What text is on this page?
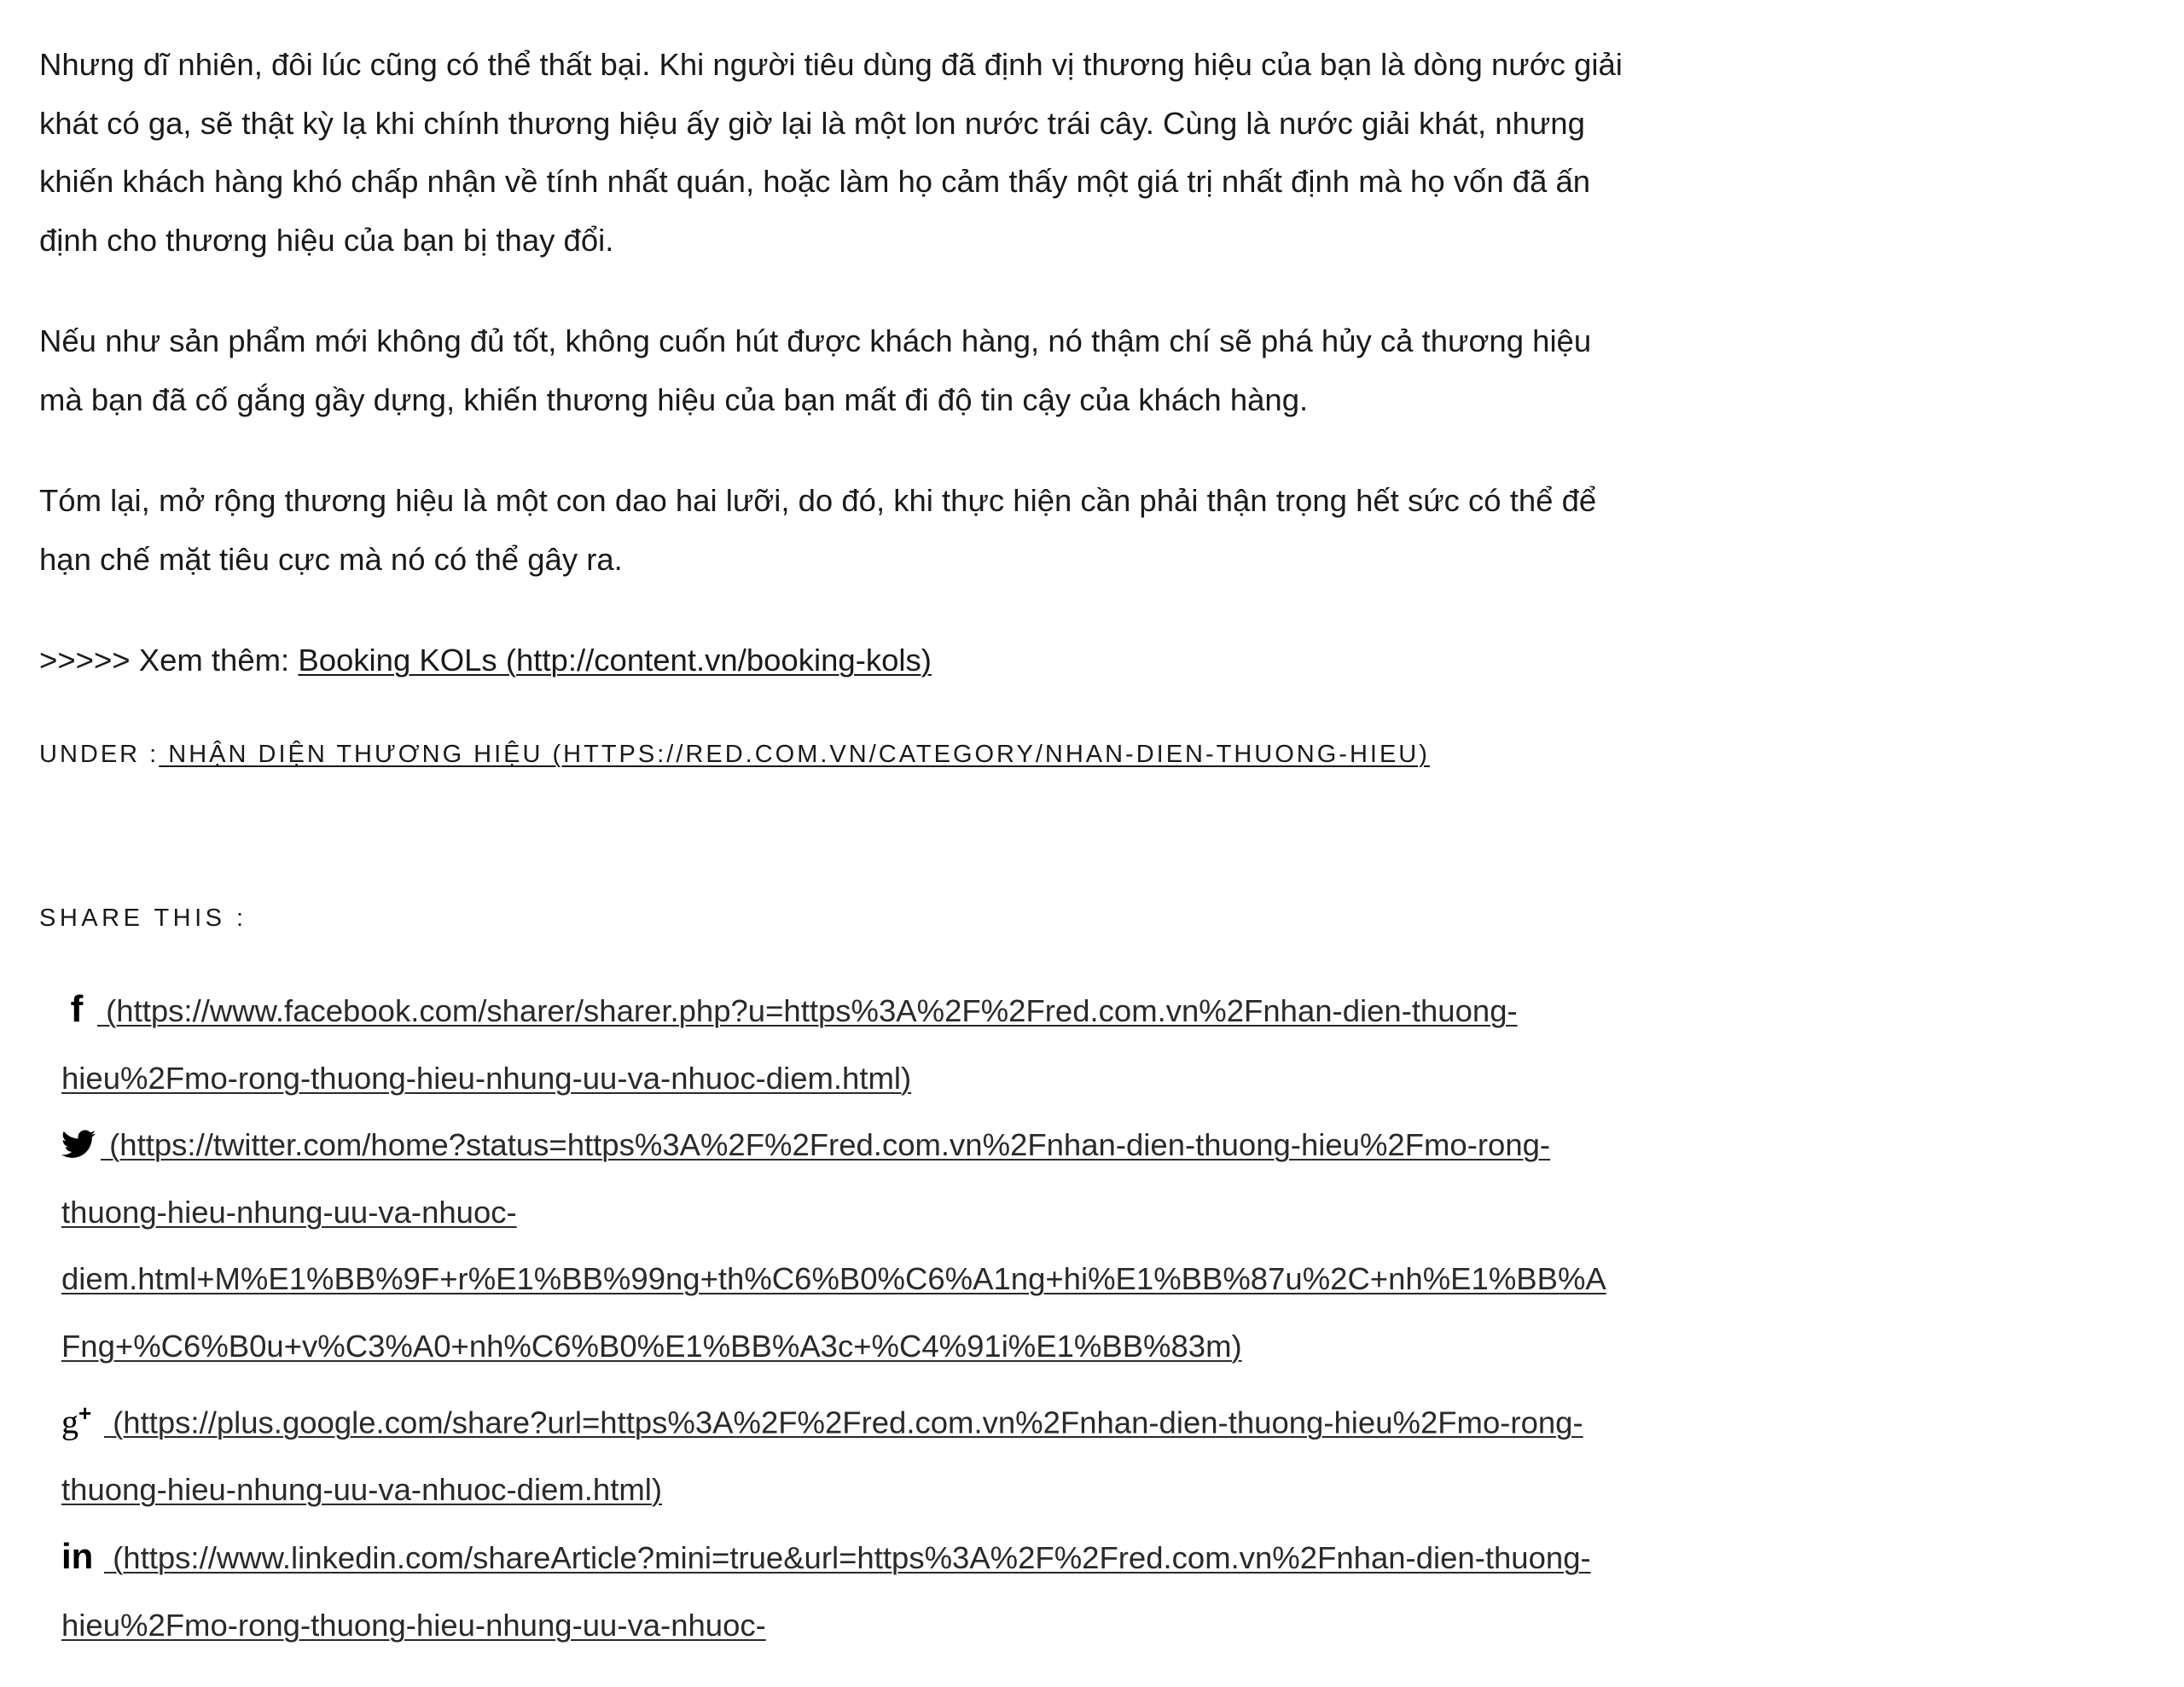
Nhưng dĩ nhiên, đôi lúc cũng có thể thất bại. Khi người tiêu dùng đã định vị thương hiệu của bạn là dòng nước giải
khát có ga, sẽ thật kỳ lạ khi chính thương hiệu ấy giờ lại là một lon nước trái cây. Cùng là nước giải khát, nhưng
khiến khách hàng khó chấp nhận về tính nhất quán, hoặc làm họ cảm thấy một giá trị nhất định mà họ vốn đã ấn
định cho thương hiệu của bạn bị thay đổi.

Nếu như sản phẩm mới không đủ tốt, không cuốn hút được khách hàng, nó thậm chí sẽ phá hủy cả thương hiệu
mà bạn đã cố gắng gầy dựng, khiến thương hiệu của bạn mất đi độ tin cậy của khách hàng.

Tóm lại, mở rộng thương hiệu là một con dao hai lưỡi, do đó, khi thực hiện cần phải thận trọng hết sức có thể để
hạn chế mặt tiêu cực mà nó có thể gây ra.

>>>>> Xem thêm: Booking KOLs (http://content.vn/booking-kols)

UNDER : NHẬN DIỆN THƯƠNG HIỆU (HTTPS://RED.COM.VN/CATEGORY/NHAN-DIEN-THUONG-HIEU)
SHARE THIS :
f (https://www.facebook.com/sharer/sharer.php?u=https%3A%2F%2Fred.com.vn%2Fnhan-dien-thuong-
hieu%2Fmo-rong-thuong-hieu-nhung-uu-va-nhuoc-diem.html)
(https://twitter.com/home?status=https%3A%2F%2Fred.com.vn%2Fnhan-dien-thuong-hieu%2Fmo-rong-
thuong-hieu-nhung-uu-va-nhuoc-
diem.html+M%E1%BB%9F+r%E1%BB%99ng+th%C6%B0%C6%A1ng+hi%E1%BB%87u%2C+nh%E1%BB%A
Fng+%C6%B0u+v%C3%A0+nh%C6%B0%E1%BB%A3c+%C4%91i%E1%BB%83m)
g+ (https://plus.google.com/share?url=https%3A%2F%2Fred.com.vn%2Fnhan-dien-thuong-hieu%2Fmo-rong-
thuong-hieu-nhung-uu-va-nhuoc-diem.html)
in (https://www.linkedin.com/shareArticle?mini=true&url=https%3A%2F%2Fred.com.vn%2Fnhan-dien-thuong-
hieu%2Fmo-rong-thuong-hieu-nhung-uu-va-nhuoc-
